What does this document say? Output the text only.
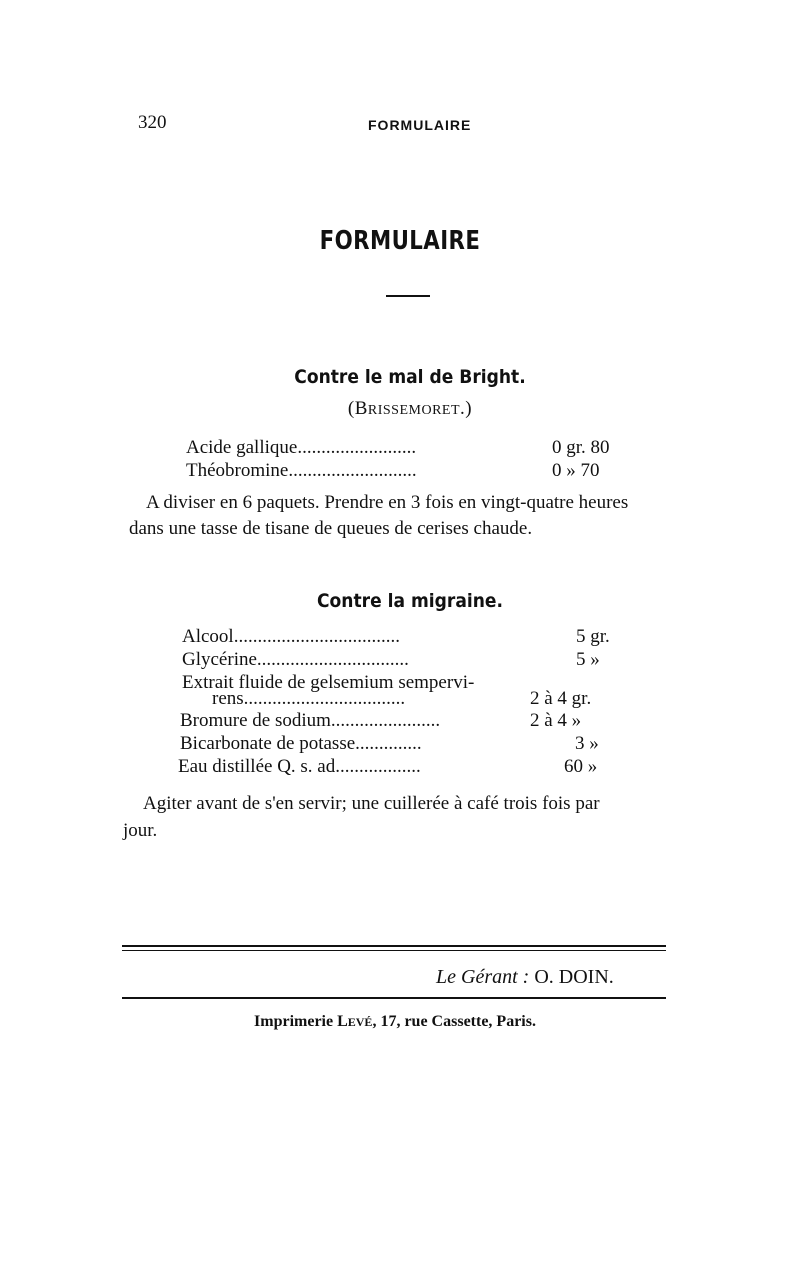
320	FORMULAIRE
FORMULAIRE
Contre le mal de Bright.
(BRISSEMORET.)
Acide gallique.........................	0 gr. 80
Théobromine...........................	0 » 70
A diviser en 6 paquets. Prendre en 3 fois en vingt-quatre heures
dans une tasse de tisane de queues de cerises chaude.
Contre la migraine.
Alcool...................................	5 gr.
Glycérine................................	5 »
Extrait fluide de gelsemium sempervi-
rens..................................	2 à 4 gr.
Bromure de sodium.......................	2 à 4 »
Bicarbonate de potasse..............	3 »
Eau distillée Q. s. ad..................	60 »
Agiter avant de s'en servir; une cuillerée à café trois fois par
jour.
Le Gérant : O. DOIN.
Imprimerie LEVÉ, 17, rue Cassette, Paris.
